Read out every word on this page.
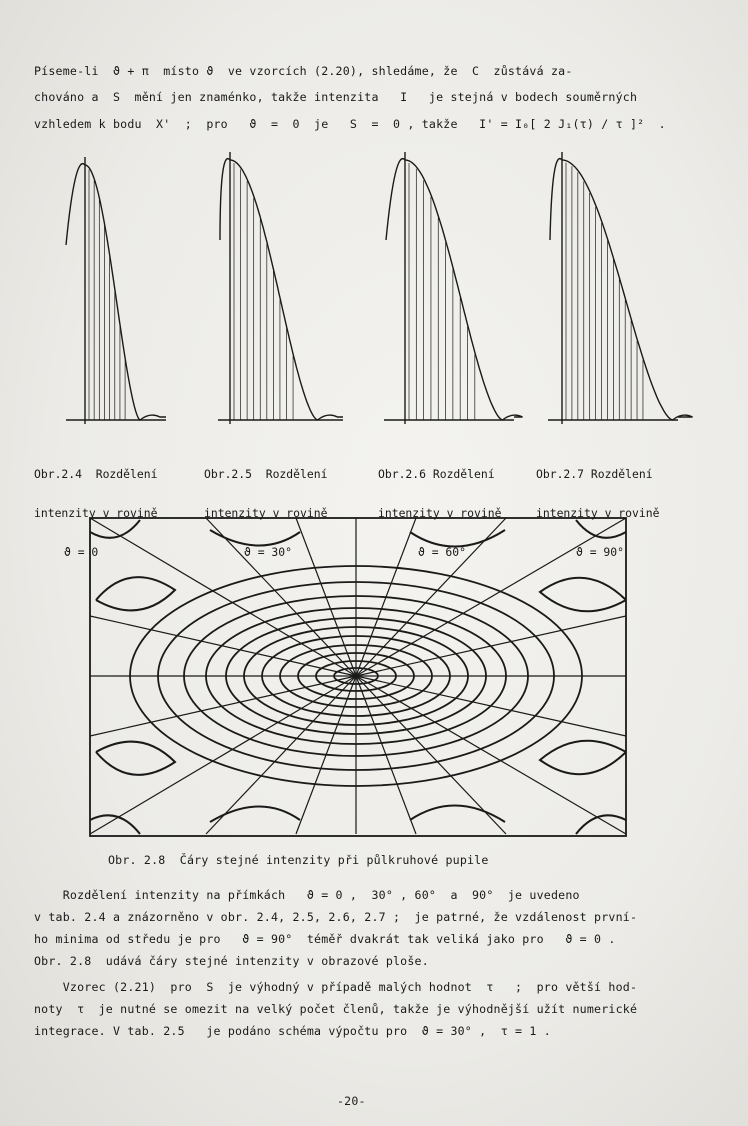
Píseme-li  ϑ + π  místo ϑ  ve vzorcích (2.20), shledáme, že  C  zůstává za-
chováno a  S  mění jen znaménko, takže intenzita   I   je stejná v bodech souměrných
vzhledem k bodu  X'  ;  pro   ϑ  =  0  je   S  =  0 , takže   I' = I₀[ 2 J₁(τ) / τ ]²  .

Obr.2.4  Rozdělení

intenzity v rovině

ϑ = 0

Obr.2.5  Rozdělení

intenzity v rovině

ϑ = 30°

Obr.2.6 Rozdělení

intenzity v rovině

ϑ = 60°

Obr.2.7 Rozdělení

intenzity v rovině

ϑ = 90°

Obr. 2.8  Čáry stejné intenzity při půlkruhové pupile
Rozdělení intenzity na přímkách   ϑ = 0 ,  30° , 60°  a  90°  je uvedeno
v tab. 2.4 a znázorněno v obr. 2.4, 2.5, 2.6, 2.7 ;  je patrné, že vzdálenost první-
ho minima od středu je pro   ϑ = 90°  téměř dvakrát tak veliká jako pro   ϑ = 0 .
Obr. 2.8  udává čáry stejné intenzity v obrazové ploše.
Vzorec (2.21)  pro  S  je výhodný v případě malých hodnot  τ   ;  pro větší hod-
noty  τ  je nutné se omezit na velký počet členů, takže je výhodnější užít numerické
integrace. V tab. 2.5   je podáno schéma výpočtu pro  ϑ = 30° ,  τ = 1 .
-20-
